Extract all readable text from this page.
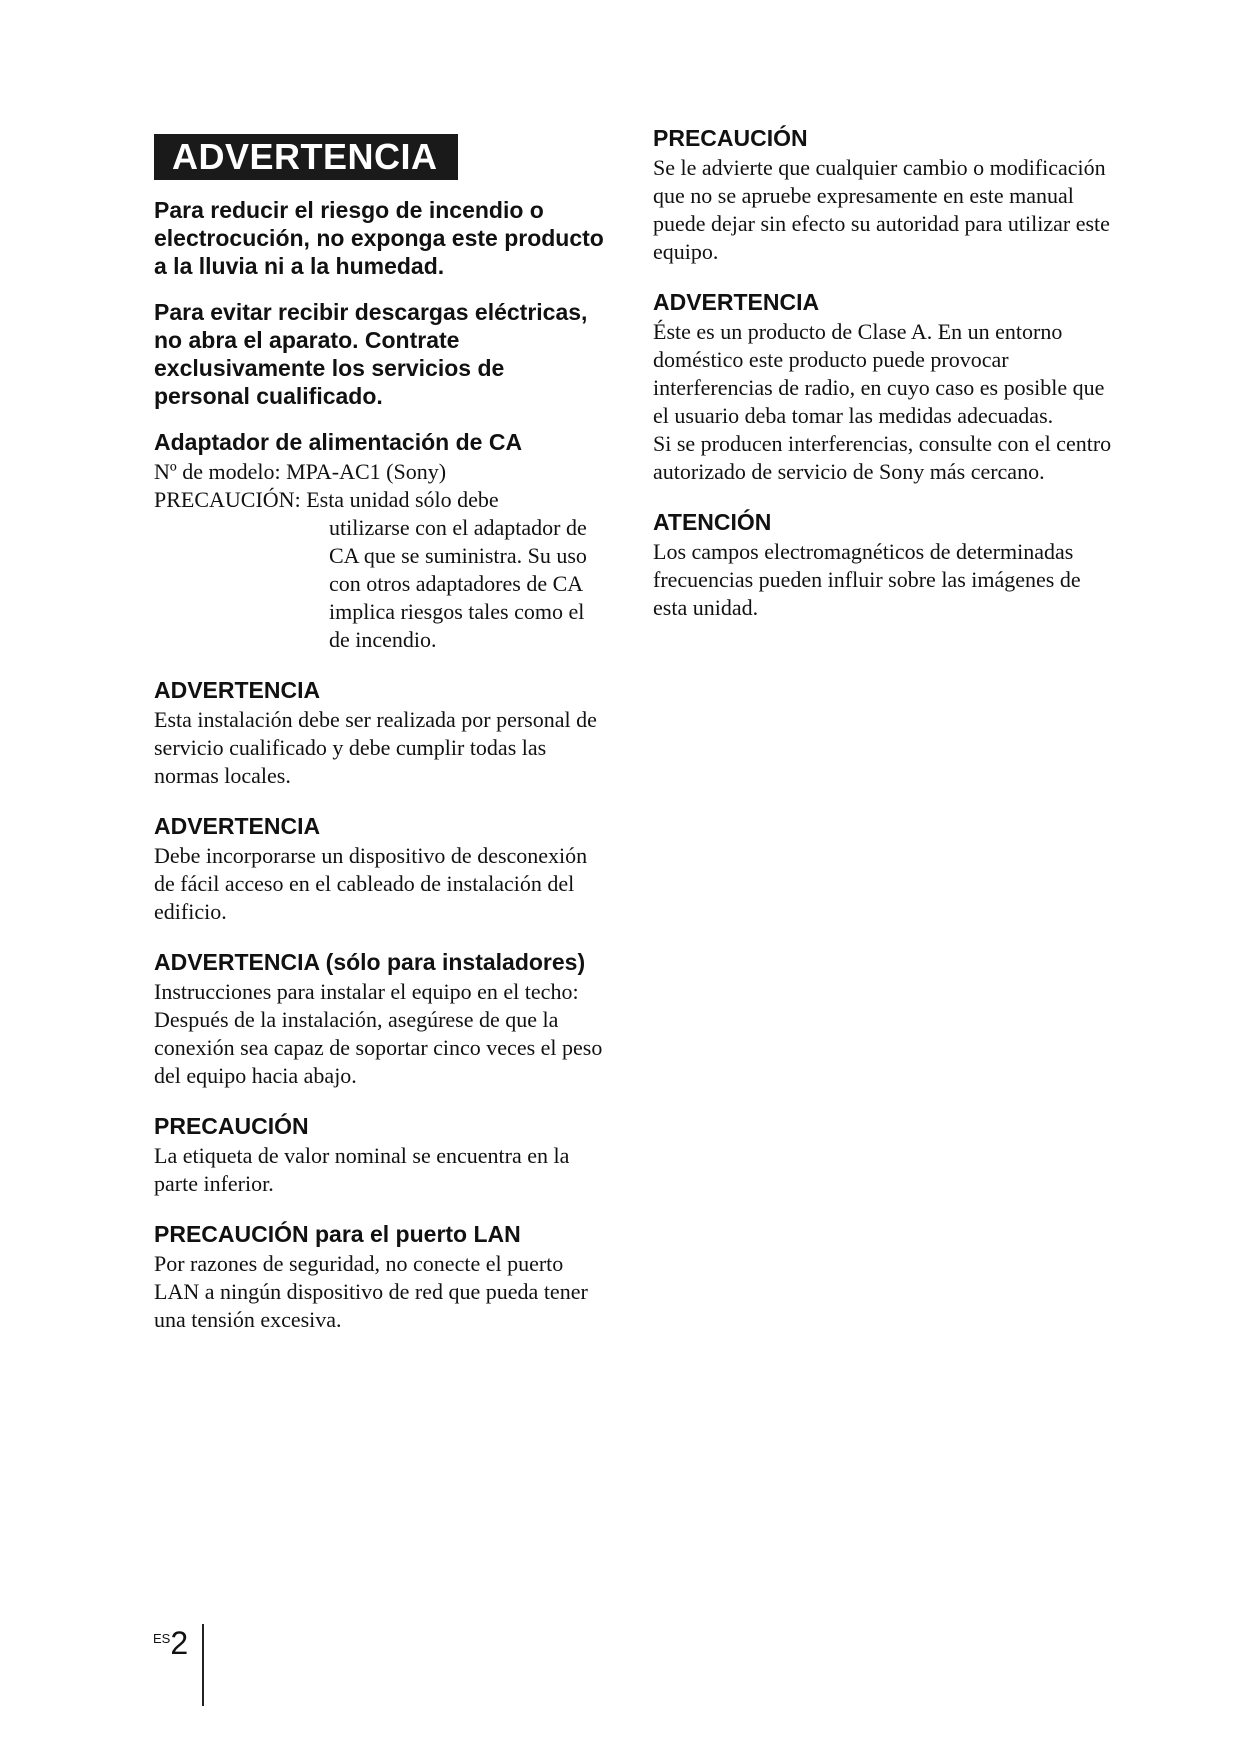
ADVERTENCIA

Para reducir el riesgo de incendio o electrocución, no exponga este producto a la lluvia ni a la humedad.

Para evitar recibir descargas eléctricas, no abra el aparato. Contrate exclusivamente los servicios de personal cualificado.

Adaptador de alimentación de CA

Nº de modelo: MPA-AC1 (Sony)
PRECAUCIÓN:
Esta unidad sólo debe

utilizarse con el adaptador de CA que se suministra. Su uso con otros adaptadores de CA implica riesgos tales como el de incendio.

ADVERTENCIA

Esta instalación debe ser realizada por personal de servicio cualificado y debe cumplir todas las normas locales.

ADVERTENCIA

Debe incorporarse un dispositivo de desconexión de fácil acceso en el cableado de instalación del edificio.

ADVERTENCIA (sólo para instaladores)

Instrucciones para instalar el equipo en el techo:

Después de la instalación, asegúrese de que la conexión sea capaz de soportar cinco veces el peso del equipo hacia abajo.

PRECAUCIÓN

La etiqueta de valor nominal se encuentra en la parte inferior.

PRECAUCIÓN para el puerto LAN

Por razones de seguridad, no conecte el puerto LAN a ningún dispositivo de red que pueda tener una tensión excesiva.

PRECAUCIÓN

Se le advierte que cualquier cambio o modificación que no se apruebe expresamente en este manual puede dejar sin efecto su autoridad para utilizar este equipo.

ADVERTENCIA

Éste es un producto de Clase A. En un entorno doméstico este producto puede provocar interferencias de radio, en cuyo caso es posible que el usuario deba tomar las medidas adecuadas.

Si se producen interferencias, consulte con el centro autorizado de servicio de Sony más cercano.

ATENCIÓN

Los campos electromagnéticos de determinadas frecuencias pueden influir sobre las imágenes de esta unidad.

$^{ES}$2
